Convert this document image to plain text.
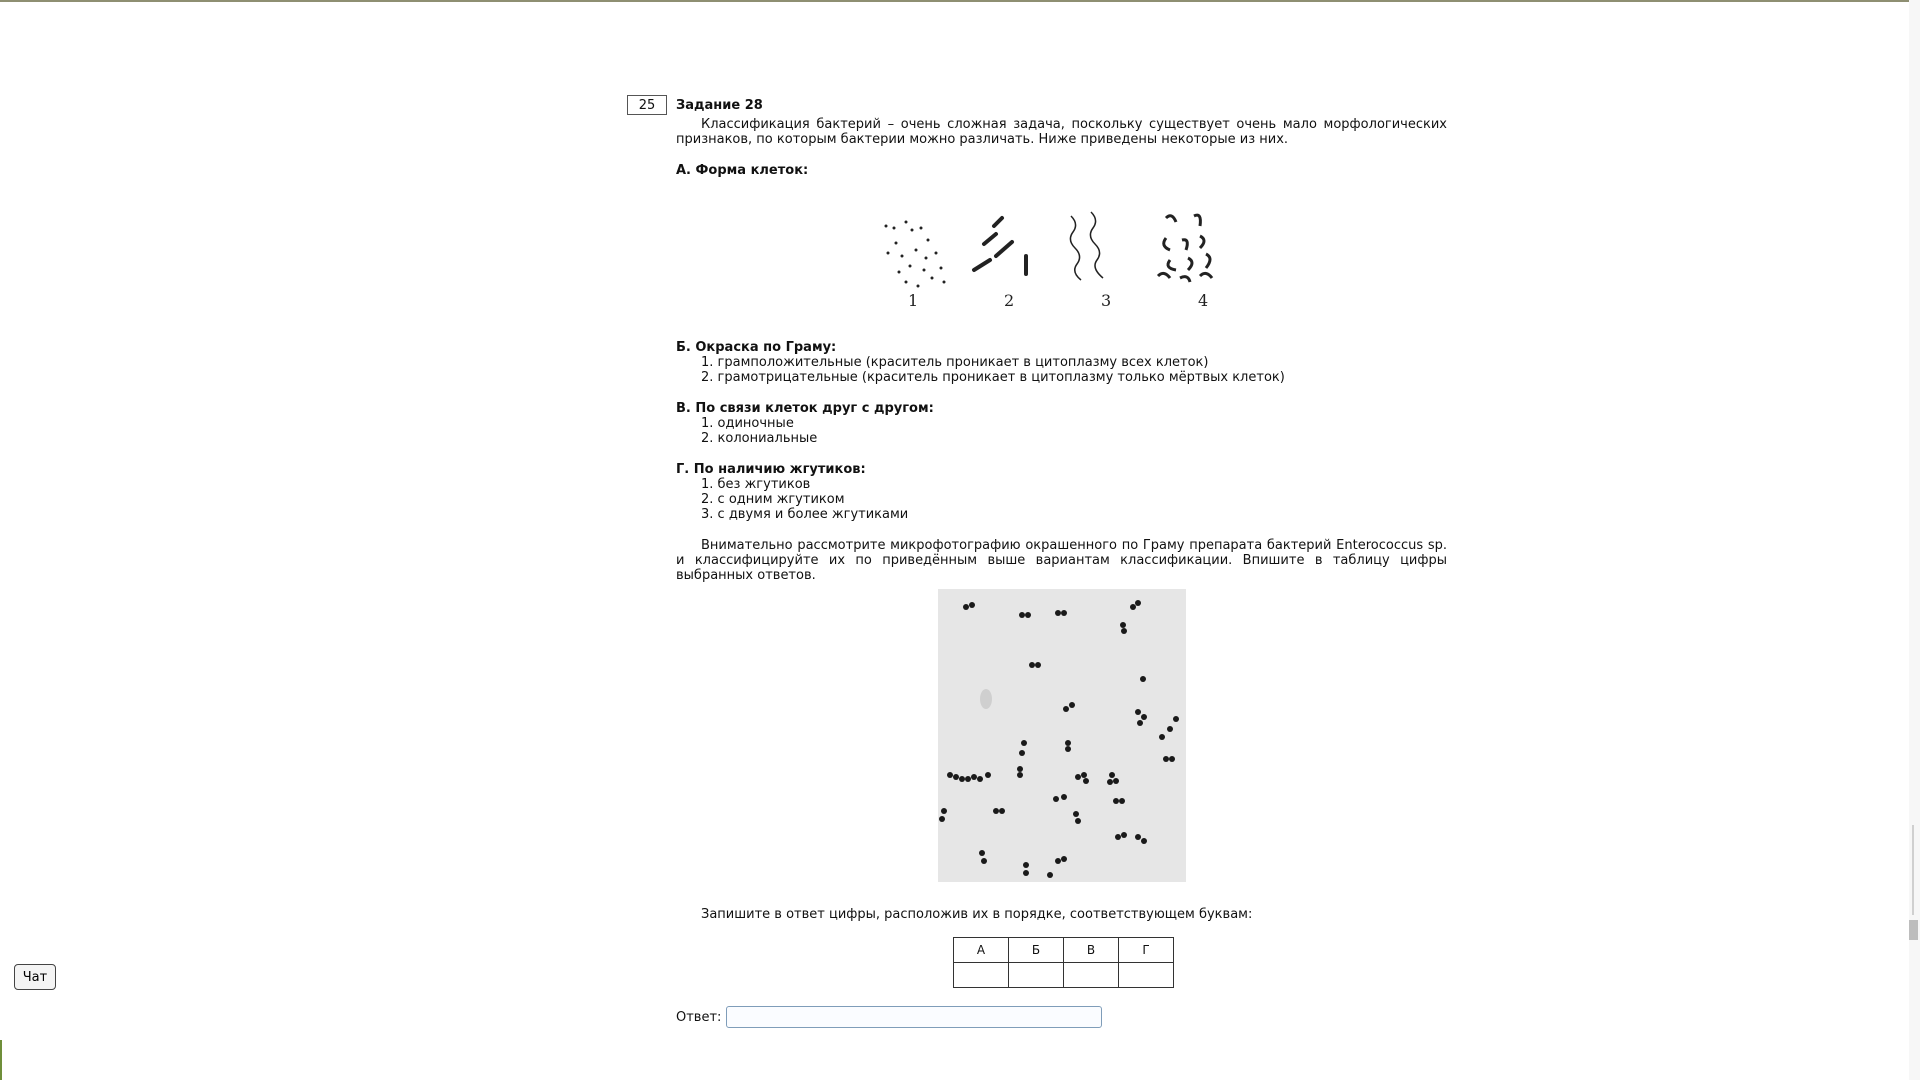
25	Задание 28

Классификация бактерий – очень сложная задача, поскольку существует очень мало морфологических признаков, по которым бактерии можно различать. Ниже приведены некоторые из них.

А. Форма клеток:
1	2	3	4
Б. Окраска по Граму:
1. грамположительные (краситель проникает в цитоплазму всех клеток)
2. грамотрицательные (краситель проникает в цитоплазму только мёртвых клеток)
В. По связи клеток друг с другом:
1. одиночные
2. колониальные
Г. По наличию жгутиков:
1. без жгутиков
2. с одним жгутиком
3. с двумя и более жгутиками

Внимательно рассмотрите микрофотографию окрашенного по Граму препарата бактерий Enterococcus sp. и классифицируйте их по приведённым выше вариантам классификации. Впишите в таблицу цифры выбранных ответов.

Запишите в ответ цифры, расположив их в порядке, соответствующем буквам:
А	Б	В	Г

Ответ:
Чат
